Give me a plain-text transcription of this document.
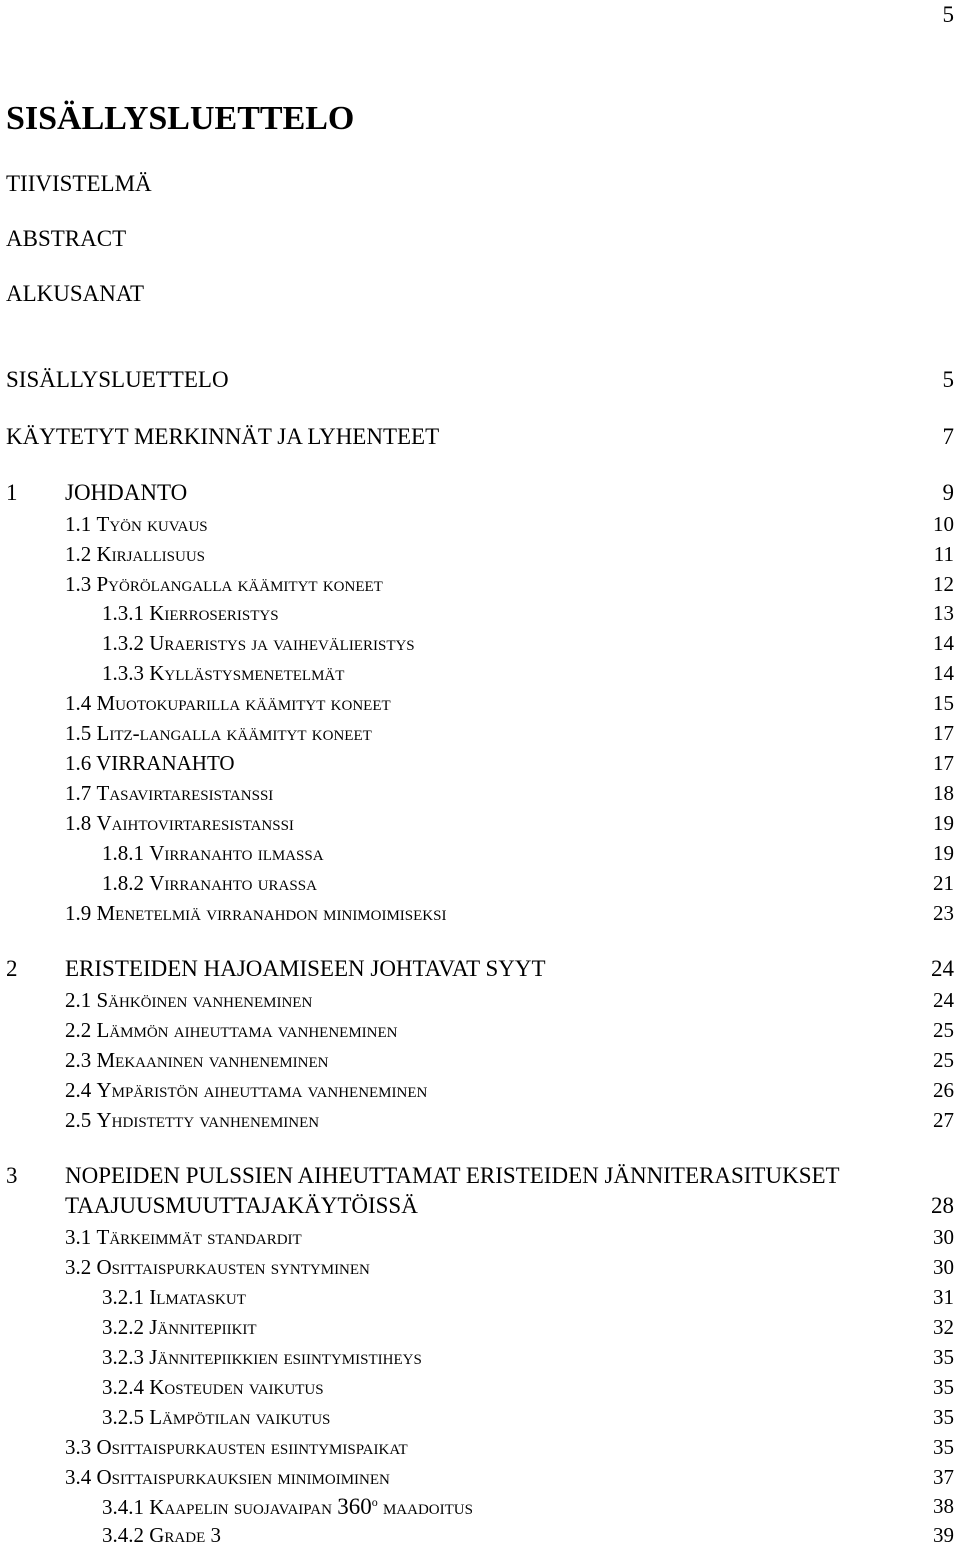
5
SISÄLLYSLUETTELO
TIIVISTELMÄ
ABSTRACT
ALKUSANAT
SISÄLLYSLUETTELO	5
KÄYTETYT MERKINNÄT JA LYHENTEET	7
1 JOHDANTO	9
1.1 Työn kuvaus	10
1.2 Kirjallisuus	11
1.3 Pyörölangalla käämityt koneet	12
1.3.1 Kierroseristys	13
1.3.2 Uraeristys ja vaihevälieristys	14
1.3.3 Kyllästysmenetelmät	14
1.4 Muotokuparilla käämityt koneet	15
1.5 Litz-langalla käämityt koneet	17
1.6 VIRRANAHTO	17
1.7 Tasavirtaresistanssi	18
1.8 Vaihtovirtaresistanssi	19
1.8.1 Virranahto ilmassa	19
1.8.2 Virranahto urassa	21
1.9 Menetelmiä virranahdon minimoimiseksi	23
2 ERISTEIDEN HAJOAMISEEN JOHTAVAT SYYT	24
2.1 Sähköinen vanheneminen	24
2.2 Lämmön aiheuttama vanheneminen	25
2.3 Mekaaninen vanheneminen	25
2.4 Ympäristön aiheuttama vanheneminen	26
2.5 Yhdistetty vanheneminen	27
3 NOPEIDEN PULSSIEN AIHEUTTAMAT ERISTEIDEN JÄNNITERASITUKSET
TAAJUUSMUUTTAJAKÄYTÖISSÄ	28
3.1 Tärkeimmät standardit	30
3.2 Osittaispurkausten syntyminen	30
3.2.1 Ilmataskut	31
3.2.2 Jännitepiikit	32
3.2.3 Jännitepiikkien esiintymistiheys	35
3.2.4 Kosteuden vaikutus	35
3.2.5 Lämpötilan vaikutus	35
3.3 Osittaispurkausten esiintymispaikat	35
3.4 Osittaispurkauksien minimoiminen	37
3.4.1 Kaapelin suojavaipan 360$^o$ maadoitus	38
3.4.2 Grade 3	39
